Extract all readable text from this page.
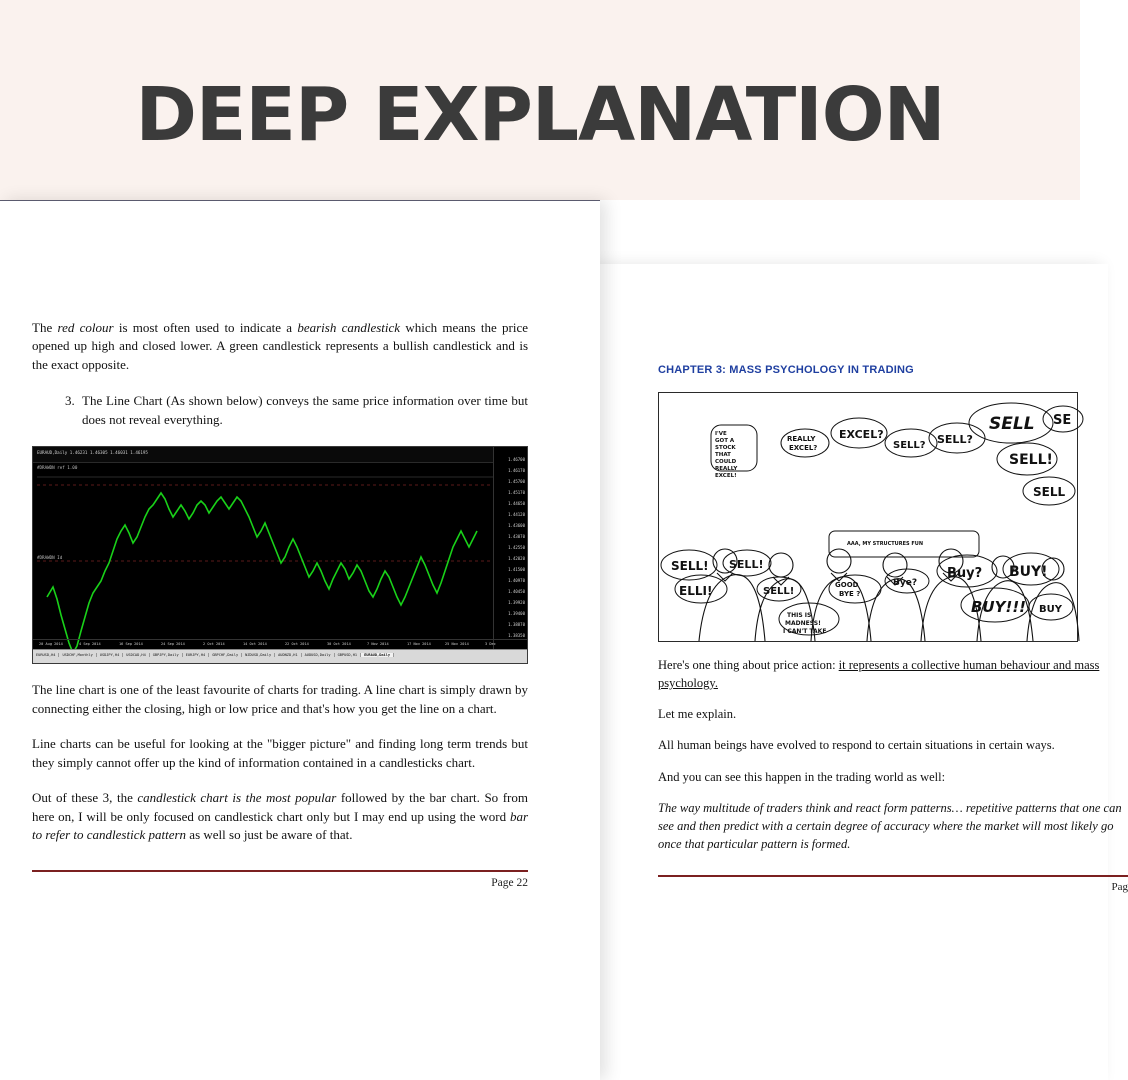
DEEP EXPLANATION
CHAPTER 3: MASS PSYCHOLOGY IN TRADING
SELL SE
SELL!
SELL
SELL?
SELL?
EXCEL?
REALLY
EXCEL?
I'VE
GOT A
STOCK
THAT
COULD
REALLY
EXCEL!
SELL! SELL!
ELLI!	SELL!
GOOD
BYE ?
Bye?
Buy? BUY!
BUY!!! BUY
THIS IS
MADNESS!
I CAN'T TAKE
AAA, MY STRUCTURES FUN
Here's one thing about price action: it represents a collective human behaviour and mass psychology.
Let me explain.
All human beings have evolved to respond to certain situations in certain ways.
And you can see this happen in the trading world as well:
The way multitude of traders think and react form patterns… repetitive patterns that one can see and then predict with a certain degree of accuracy where the market will most likely go once that particular pattern is formed.
Pag
The red colour is most often used to indicate a bearish candlestick which means the price opened up high and closed lower. A green candlestick represents a bullish candlestick and is the exact opposite.
3. The Line Chart (As shown below) conveys the same price information over time but does not reveal everything.
EURAUD,Daily 1.46231 1.46305 1.46031 1.46195
#DRAWDN ref 1.00
#DRAWDN Id
1.46700
1.46170
1.45700
1.45170
1.44650
1.44120
1.43600
1.43070
1.42550
1.42020
1.41500
1.40970
1.40450
1.39920
1.39400
1.38870
1.38350
20 Aug 2014	4 Sep 2014	16 Sep 2014	24 Sep 2014	2 Oct 2014	14 Oct 2014	22 Oct 2014	30 Oct 2014	7 Nov 2014	17 Nov 2014	25 Nov 2014	3 Dec
EURUSD,H4 USDCHF,Monthly USDJPY,H4 USDCAD,H4 GBPJPY,Daily EURJPY,H4 GBPCHF,Daily NZDUSD,Daily AUDNZD,H1 AUDUSD,Daily GBPUSD,H1 EURAUD,Daily
The line chart is one of the least favourite of charts for trading. A line chart is simply drawn by connecting either the closing, high or low price and that's how you get the line on a chart.
Line charts can be useful for looking at the "bigger picture" and finding long term trends but they simply cannot offer up the kind of information contained in a candlesticks chart.
Out of these 3, the candlestick chart is the most popular followed by the bar chart. So from here on, I will be only focused on candlestick chart only but I may end up using the word bar to refer to candlestick pattern as well so just be aware of that.
Page 22
